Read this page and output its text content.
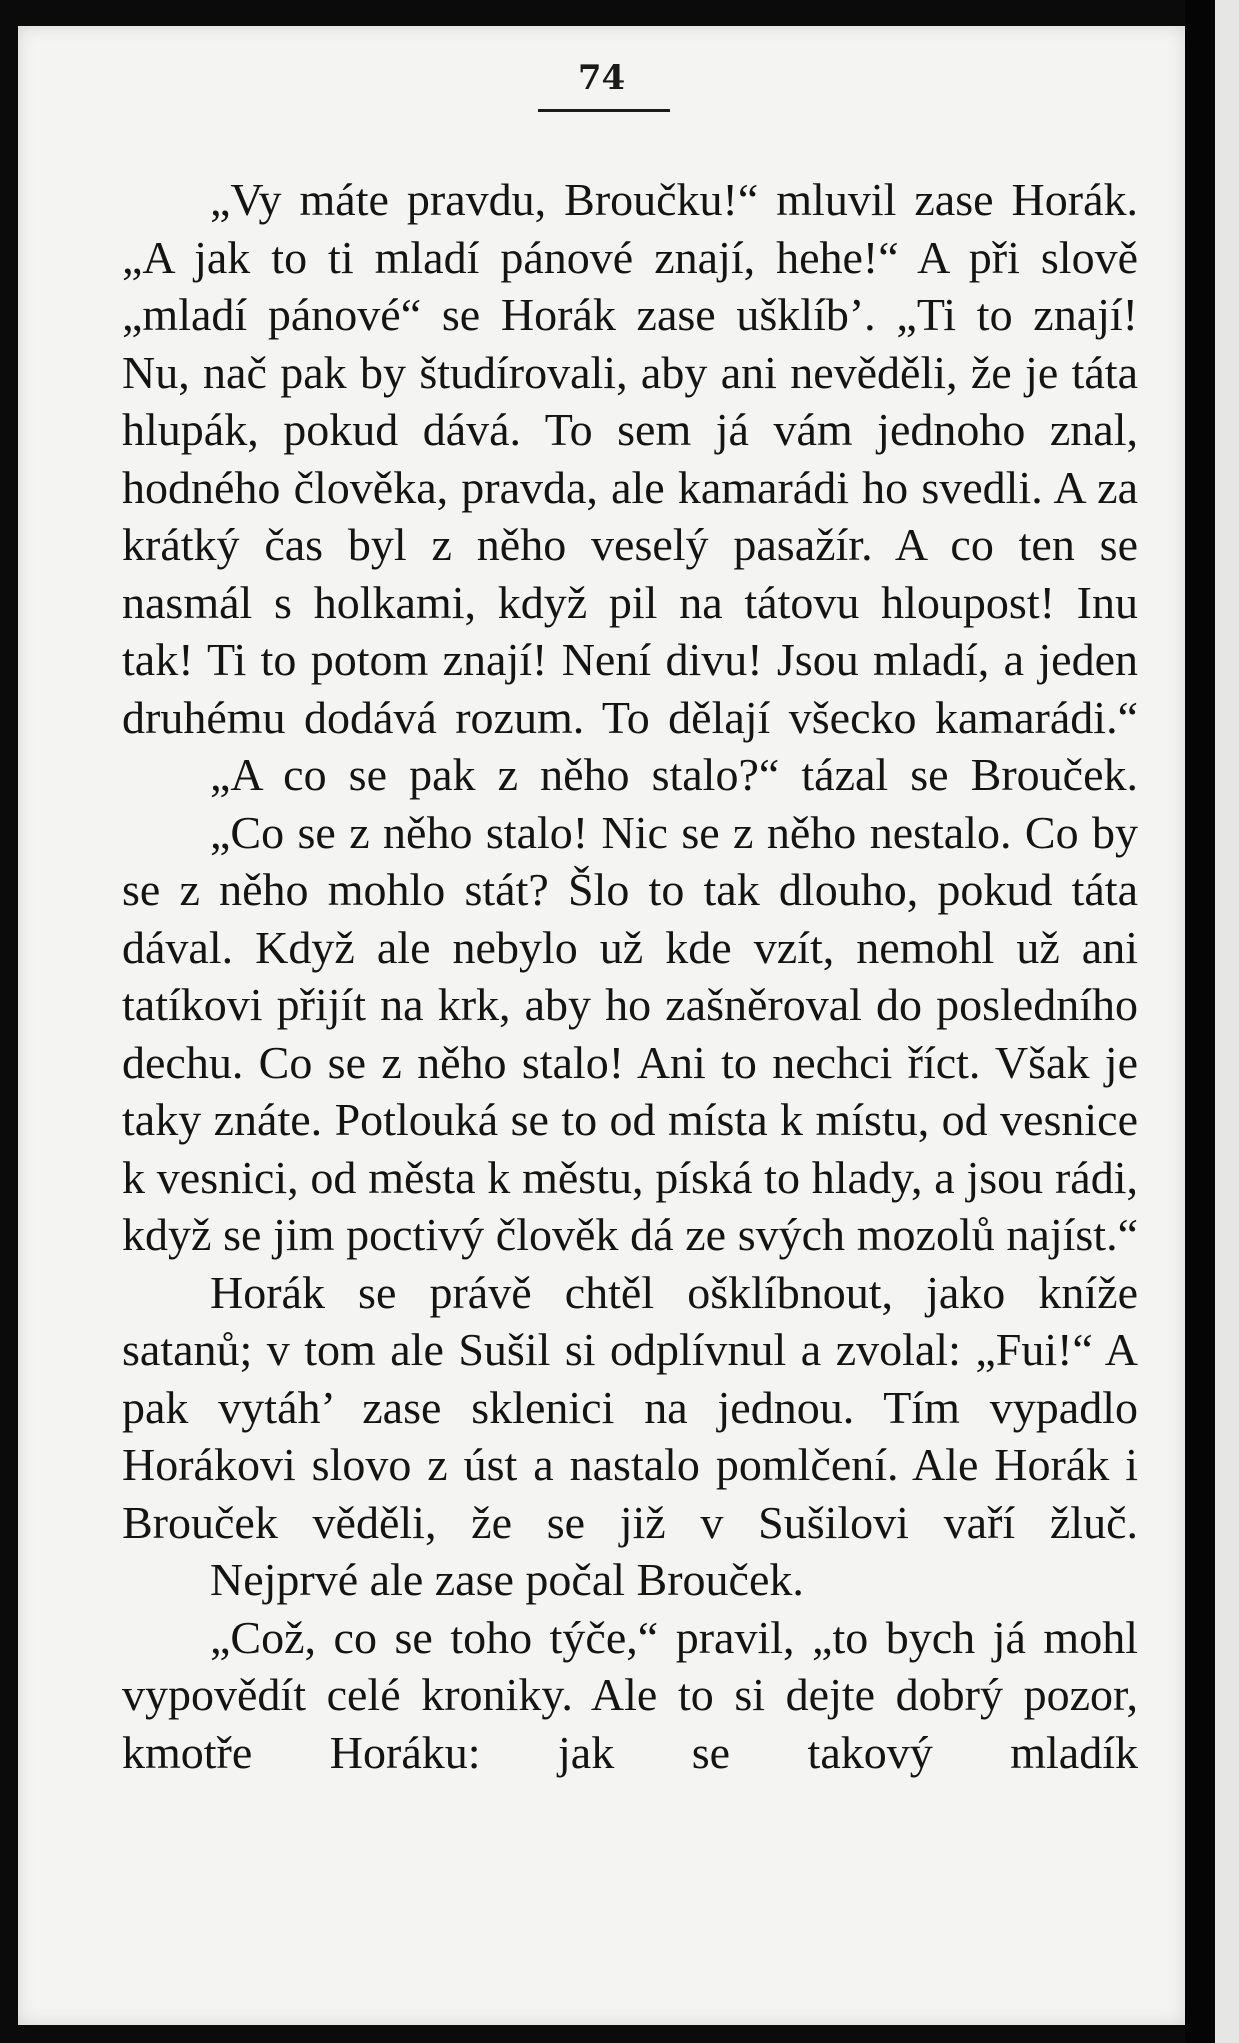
74

„Vy máte pravdu, Broučku!“ mluvil zase Horák. „A jak to ti mladí pánové znají, hehe!“ A při slově „mladí pánové“ se Horák zase ušklíb’. „Ti to znají! Nu, nač pak by študírovali, aby ani nevěděli, že je táta hlupák, pokud dává. To sem já vám jednoho znal, hodného člověka, pravda, ale kamarádi ho svedli. A za krátký čas byl z něho veselý pasažír. A co ten se nasmál s holkami, když pil na tátovu hloupost! Inu tak! Ti to potom znají! Není divu! Jsou mladí, a jeden druhému dodává rozum. To dělají všecko kamarádi.“

„A co se pak z něho stalo?“ tázal se Brouček.

„Co se z něho stalo! Nic se z něho nestalo. Co by se z něho mohlo stát? Šlo to tak dlouho, pokud táta dával. Když ale nebylo už kde vzít, nemohl už ani tatíkovi přijít na krk, aby ho zašněroval do posledního dechu. Co se z něho stalo! Ani to nechci říct. Však je taky znáte. Potlouká se to od místa k místu, od vesnice k vesnici, od města k městu, píská to hlady, a jsou rádi, když se jim poctivý člověk dá ze svých mozolů najíst.“

Horák se právě chtěl ošklíbnout, jako kníže satanů; v tom ale Sušil si odplívnul a zvolal: „Fui!“ A pak vytáh’ zase sklenici na jednou. Tím vypadlo Horákovi slovo z úst a nastalo pomlčení. Ale Horák i Brouček věděli, že se již v Sušilovi vaří žluč.

Nejprvé ale zase počal Brouček.

„Což, co se toho týče,“ pravil, „to bych já mohl vypovědít celé kroniky. Ale to si dejte dobrý pozor, kmotře Horáku: jak se takový mladík
